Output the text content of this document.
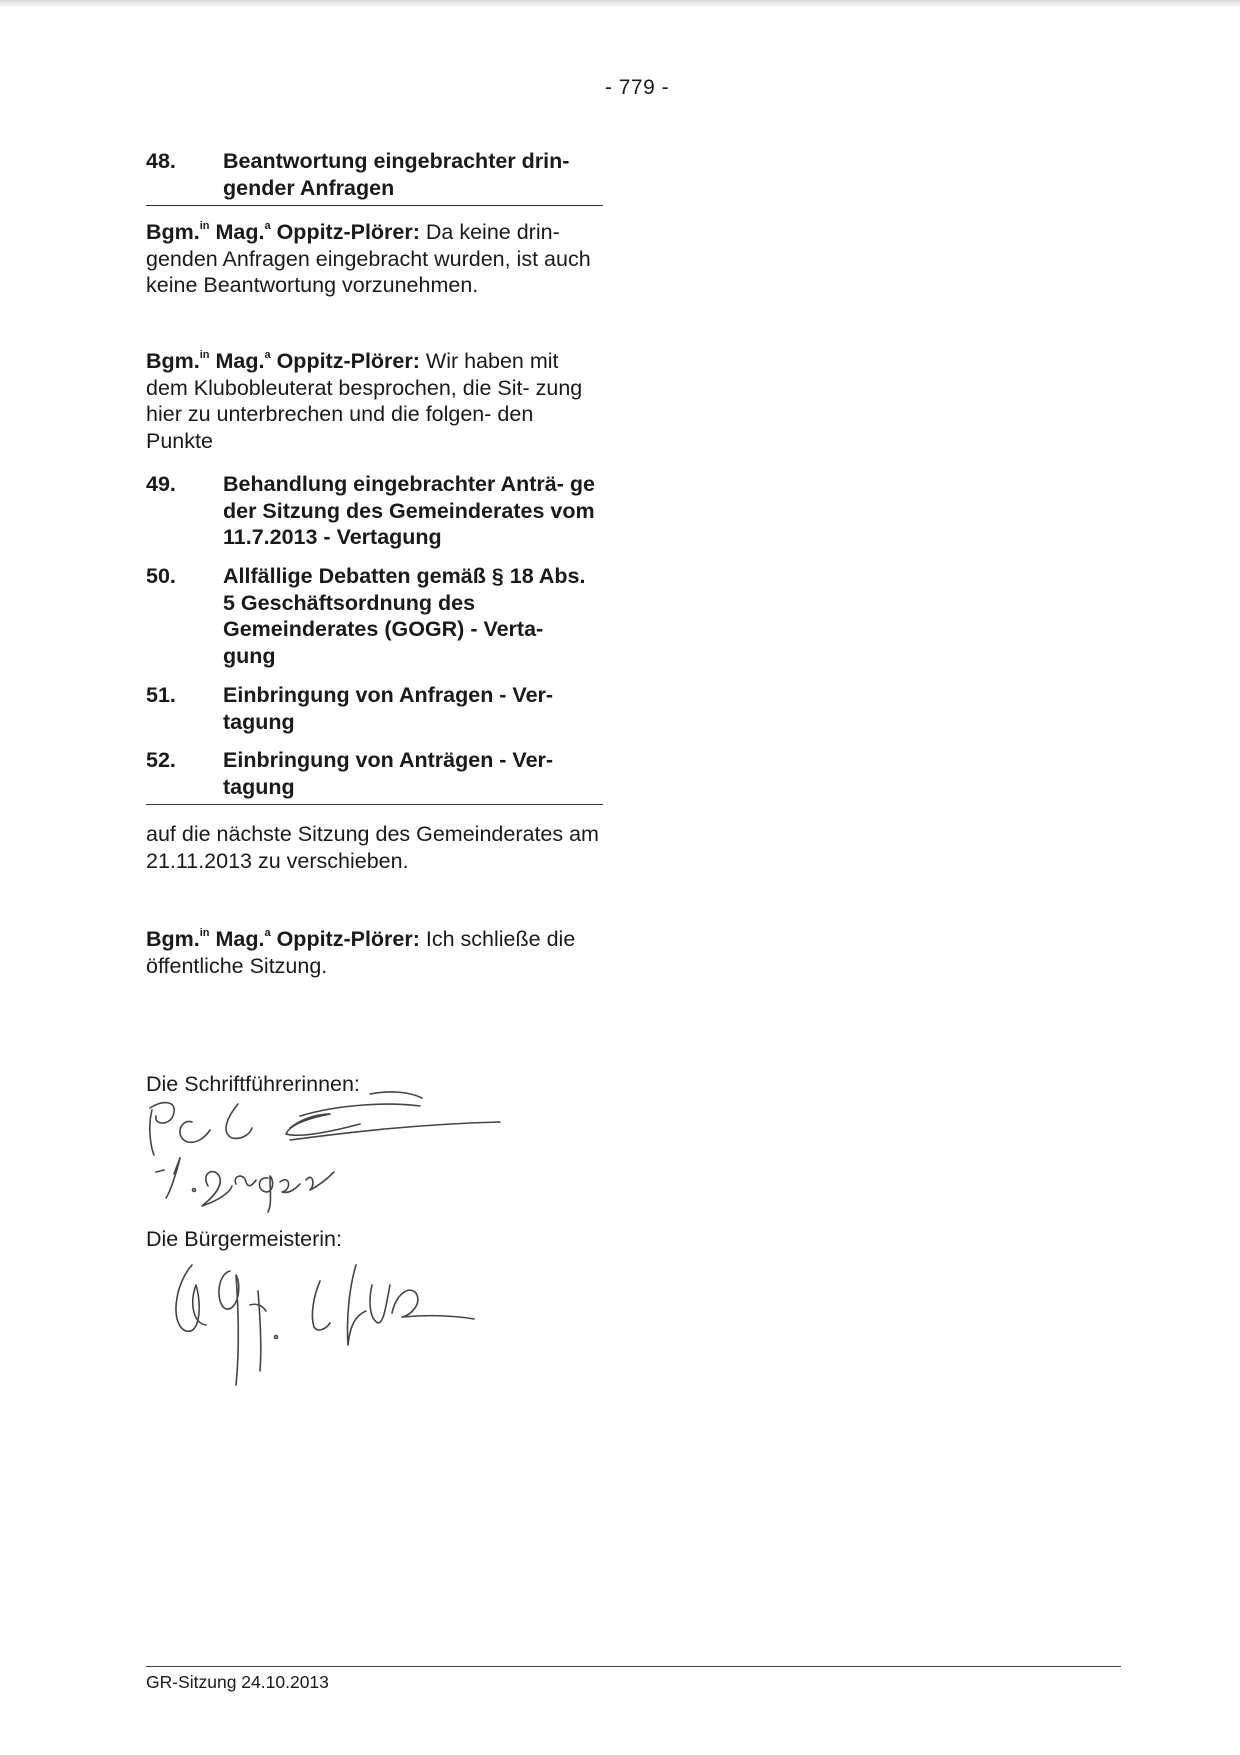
- 779 -
48.	Beantwortung eingebrachter drin- gender Anfragen
Bgm.$^{in}$ Mag.$^a$ Oppitz-Plörer: Da keine drin- genden Anfragen eingebracht wurden, ist auch keine Beantwortung vorzunehmen.
Bgm.$^{in}$ Mag.$^a$ Oppitz-Plörer: Wir haben mit dem Klubobleuterat besprochen, die Sit- zung hier zu unterbrechen und die folgen- den Punkte
49.	Behandlung eingebrachter Anträ- ge der Sitzung des Gemeinderates vom 11.7.2013 - Vertagung
50.	Allfällige Debatten gemäß § 18 Abs. 5 Geschäftsordnung des Gemeinderates (GOGR) - Verta- gung
51.	Einbringung von Anfragen - Ver- tagung
52.	Einbringung von Anträgen - Ver- tagung
auf die nächste Sitzung des Gemeinderates am 21.11.2013 zu verschieben.
Bgm.$^{in}$ Mag.$^a$ Oppitz-Plörer: Ich schließe die öffentliche Sitzung.
Die Schriftführerinnen:
Die Bürgermeisterin:
GR-Sitzung 24.10.2013
